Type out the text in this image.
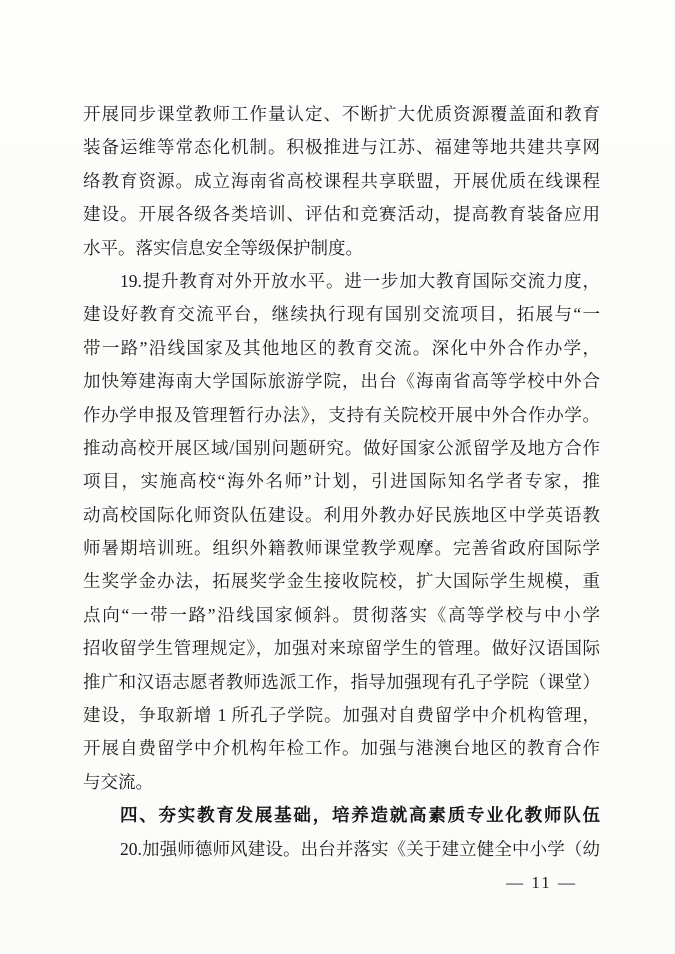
开展同步课堂教师工作量认定、不断扩大优质资源覆盖面和教育
装备运维等常态化机制。积极推进与江苏、福建等地共建共享网
络教育资源。成立海南省高校课程共享联盟，开展优质在线课程
建设。开展各级各类培训、评估和竞赛活动，提高教育装备应用
水平。落实信息安全等级保护制度。
19.提升教育对外开放水平。进一步加大教育国际交流力度，
建设好教育交流平台，继续执行现有国别交流项目，拓展与“一
带一路”沿线国家及其他地区的教育交流。深化中外合作办学，
加快筹建海南大学国际旅游学院，出台《海南省高等学校中外合
作办学申报及管理暂行办法》，支持有关院校开展中外合作办学。
推动高校开展区域/国别问题研究。做好国家公派留学及地方合作
项目，实施高校“海外名师”计划，引进国际知名学者专家，推
动高校国际化师资队伍建设。利用外教办好民族地区中学英语教
师暑期培训班。组织外籍教师课堂教学观摩。完善省政府国际学
生奖学金办法，拓展奖学金生接收院校，扩大国际学生规模，重
点向“一带一路”沿线国家倾斜。贯彻落实《高等学校与中小学
招收留学生管理规定》，加强对来琼留学生的管理。做好汉语国际
推广和汉语志愿者教师选派工作，指导加强现有孔子学院（课堂）
建设，争取新增 1 所孔子学院。加强对自费留学中介机构管理，
开展自费留学中介机构年检工作。加强与港澳台地区的教育合作
与交流。
四、夯实教育发展基础，培养造就高素质专业化教师队伍
20.加强师德师风建设。出台并落实《关于建立健全中小学（幼
— 11 —
